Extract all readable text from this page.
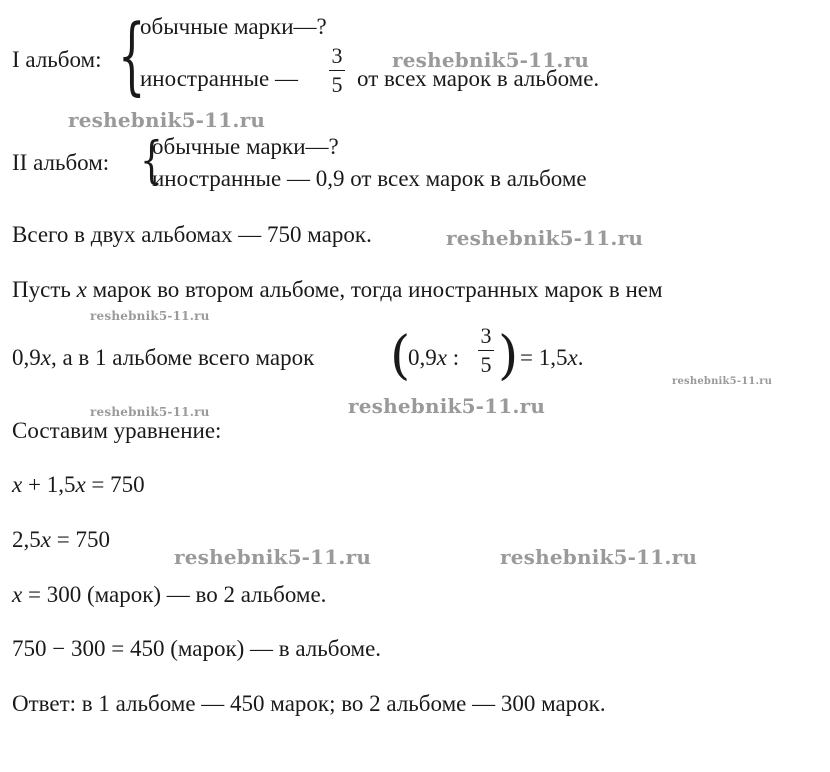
I альбом: {
обычные марки—?
иностранные —
3
5 от всех марок в альбоме.
II альбом: {
обычные марки—?
иностранные — 0,9 от всех марок в альбоме
Всего в двух альбомах — 750 марок.
Пусть x марок во втором альбоме, тогда иностранных марок в нем
0,9x, а в 1 альбоме всего марок (
0,9x :
3
5 ) = 1,5x.
Составим уравнение:
x + 1,5x = 750
2,5x = 750
x = 300 (марок) — во 2 альбоме.
750 − 300 = 450 (марок) — в альбоме.
Ответ: в 1 альбоме — 450 марок; во 2 альбоме — 300 марок.
reshebnik5-11.ru
reshebnik5-11.ru
reshebnik5-11.ru
reshebnik5-11.ru
reshebnik5-11.ru
reshebnik5-11.ru
reshebnik5-11.ru
reshebnik5-11.ru	reshebnik5-11.ru
